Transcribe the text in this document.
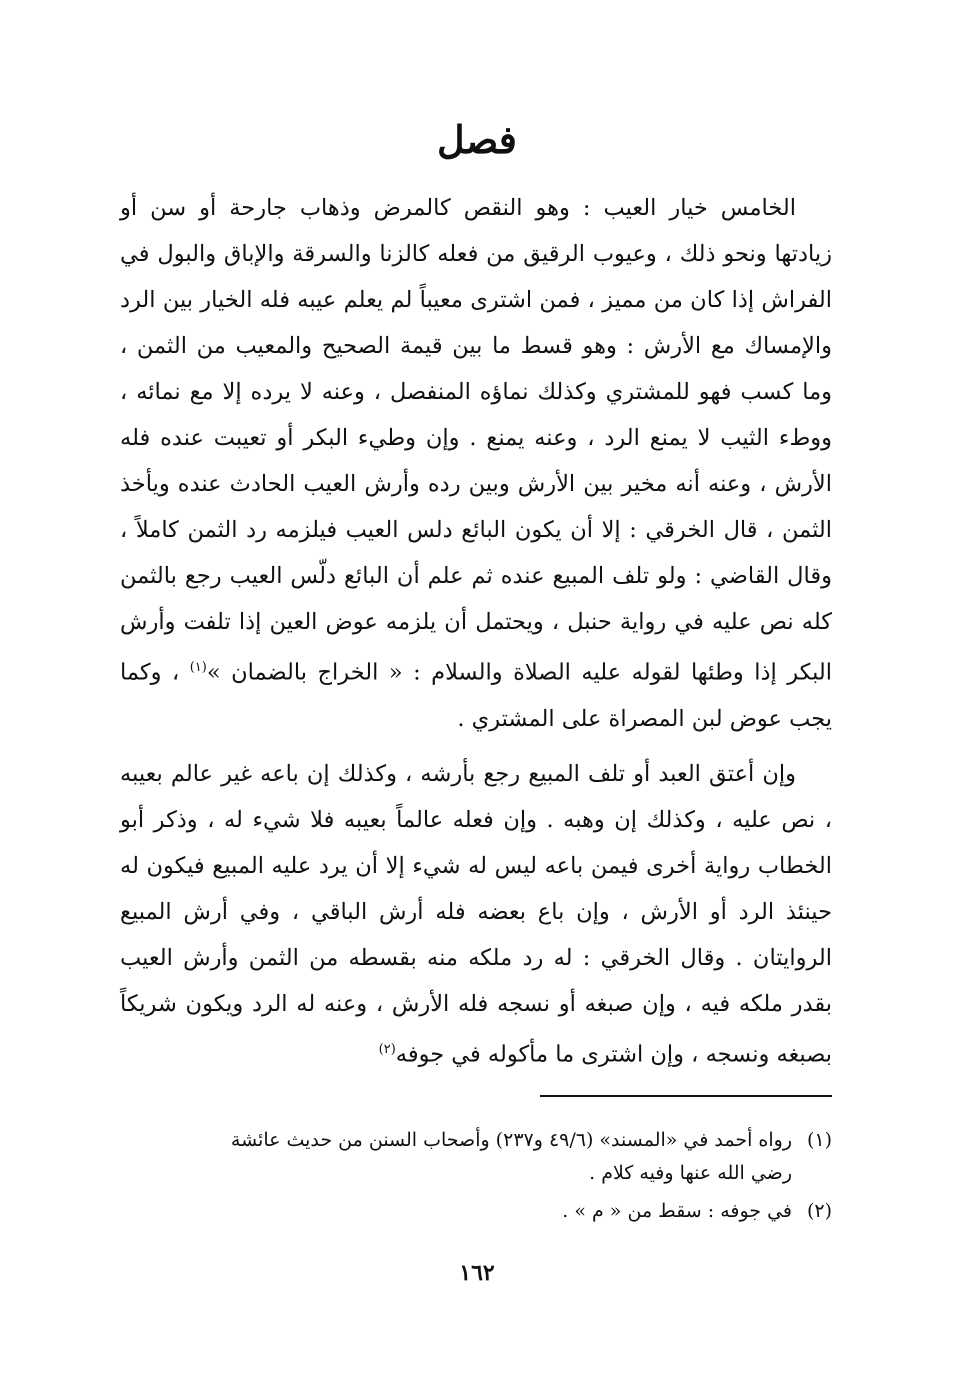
فصل

الخامس خيار العيب : وهو النقص كالمرض وذهاب جارحة أو سن أو زيادتها ونحو ذلك ، وعيوب الرقيق من فعله كالزنا والسرقة والإباق والبول في الفراش إذا كان من مميز ، فمن اشترى معيباً لم يعلم عيبه فله الخيار بين الرد والإمساك مع الأرش : وهو قسط ما بين قيمة الصحيح والمعيب من الثمن ، وما كسب فهو للمشتري وكذلك نماؤه المنفصل ، وعنه لا يرده إلا مع نمائه ، ووطء الثيب لا يمنع الرد ، وعنه يمنع . وإن وطيء البكر أو تعيبت عنده فله الأرش ، وعنه أنه مخير بين الأرش وبين رده وأرش العيب الحادث عنده ويأخذ الثمن ، قال الخرقي : إلا أن يكون البائع دلس العيب فيلزمه رد الثمن كاملاً ، وقال القاضي : ولو تلف المبيع عنده ثم علم أن البائع دلّس العيب رجع بالثمن كله نص عليه في رواية حنبل ، ويحتمل أن يلزمه عوض العين إذا تلفت وأرش البكر إذا وطئها لقوله عليه الصلاة والسلام : « الخراج بالضمان »$^{(١)}$ ، وكما يجب عوض لبن المصراة على المشتري .

وإن أعتق العبد أو تلف المبيع رجع بأرشه ، وكذلك إن باعه غير عالم بعيبه ، نص عليه ، وكذلك إن وهبه . وإن فعله عالماً بعيبه فلا شيء له ، وذكر أبو الخطاب رواية أخرى فيمن باعه ليس له شيء إلا أن يرد عليه المبيع فيكون له حينئذ الرد أو الأرش ، وإن باع بعضه فله أرش الباقي ، وفي أرش المبيع الروايتان . وقال الخرقي : له رد ملكه منه بقسطه من الثمن وأرش العيب بقدر ملكه فيه ، وإن صبغه أو نسجه فله الأرش ، وعنه له الرد ويكون شريكاً بصبغه ونسجه ، وإن اشترى ما مأكوله في جوفه$^{(٢)}$

(١)رواه أحمد في «المسند» (٤٩/٦ و٢٣٧) وأصحاب السنن من حديث عائشة
رضي الله عنها وفيه كلام .

(٢)في جوفه : سقط من « م » .

١٦٢
